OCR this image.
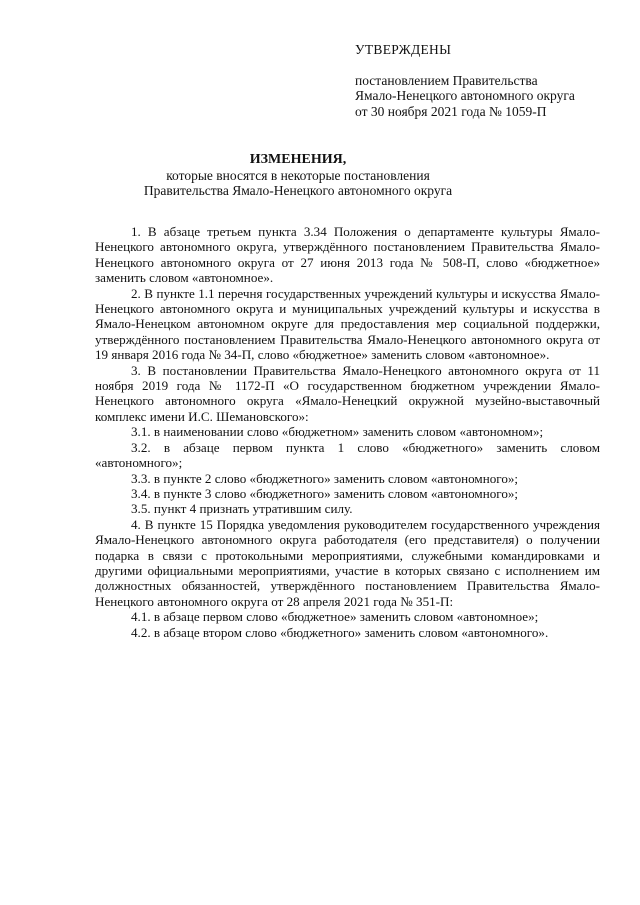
УТВЕРЖДЕНЫ
постановлением Правительства
Ямало-Ненецкого автономного округа
от 30 ноября 2021 года № 1059-П
ИЗМЕНЕНИЯ,
которые вносятся в некоторые постановления
Правительства Ямало-Ненецкого автономного округа

1. В абзаце третьем пункта 3.34 Положения о департаменте культуры Ямало-Ненецкого автономного округа, утверждённого постановлением Правительства Ямало-Ненецкого автономного округа от 27 июня 2013 года № 508-П, слово «бюджетное» заменить словом «автономное».

2. В пункте 1.1 перечня государственных учреждений культуры и искусства Ямало-Ненецкого автономного округа и муниципальных учреждений культуры и искусства в Ямало-Ненецком автономном округе для предоставления мер социальной поддержки, утверждённого постановлением Правительства Ямало-Ненецкого автономного округа от 19 января 2016 года № 34-П, слово «бюджетное» заменить словом «автономное».

3. В постановлении Правительства Ямало-Ненецкого автономного округа от 11 ноября 2019 года № 1172-П «О государственном бюджетном учреждении Ямало-Ненецкого автономного округа «Ямало-Ненецкий окружной музейно-выставочный комплекс имени И.С. Шемановского»:

3.1. в наименовании слово «бюджетном» заменить словом «автономном»;

3.2. в абзаце первом пункта 1 слово «бюджетного» заменить словом «автономного»;

3.3. в пункте 2 слово «бюджетного» заменить словом «автономного»;

3.4. в пункте 3 слово «бюджетного» заменить словом «автономного»;

3.5. пункт 4 признать утратившим силу.

4. В пункте 15 Порядка уведомления руководителем государственного учреждения Ямало-Ненецкого автономного округа работодателя (его представителя) о получении подарка в связи с протокольными мероприятиями, служебными командировками и другими официальными мероприятиями, участие в которых связано с исполнением им должностных обязанностей, утверждённого постановлением Правительства Ямало-Ненецкого автономного округа от 28 апреля 2021 года № 351-П:

4.1. в абзаце первом слово «бюджетное» заменить словом «автономное»;

4.2. в абзаце втором слово «бюджетного» заменить словом «автономного».
